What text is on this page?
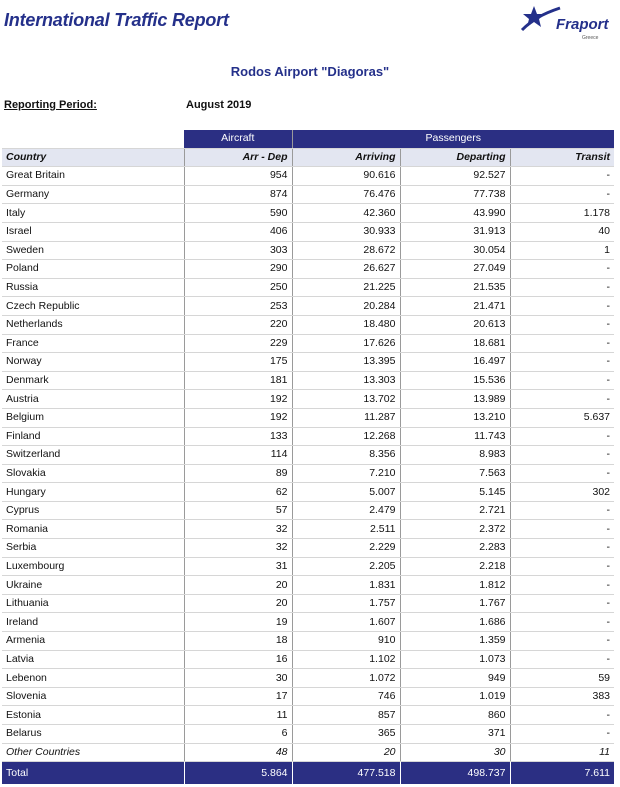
International Traffic Report	Fraport
Greece
Rodos Airport "Diagoras"
Reporting Period:	August 2019
	Aircraft	Passengers		
Country	Arr - Dep	Arriving	Departing	Transit
Great Britain	954	90.616	92.527	-
Germany	874	76.476	77.738	-
Italy	590	42.360	43.990	1.178
Israel	406	30.933	31.913	40
Sweden	303	28.672	30.054	1
Poland	290	26.627	27.049	-
Russia	250	21.225	21.535	-
Czech Republic	253	20.284	21.471	-
Netherlands	220	18.480	20.613	-
France	229	17.626	18.681	-
Norway	175	13.395	16.497	-
Denmark	181	13.303	15.536	-
Austria	192	13.702	13.989	-
Belgium	192	11.287	13.210	5.637
Finland	133	12.268	11.743	-
Switzerland	114	8.356	8.983	-
Slovakia	89	7.210	7.563	-
Hungary	62	5.007	5.145	302
Cyprus	57	2.479	2.721	-
Romania	32	2.511	2.372	-
Serbia	32	2.229	2.283	-
Luxembourg	31	2.205	2.218	-
Ukraine	20	1.831	1.812	-
Lithuania	20	1.757	1.767	-
Ireland	19	1.607	1.686	-
Armenia	18	910	1.359	-
Latvia	16	1.102	1.073	-
Lebenon	30	1.072	949	59
Slovenia	17	746	1.019	383
Estonia	11	857	860	-
Belarus	6	365	371	-
Other Countries	48	20	30	11
Total	5.864	477.518	498.737	7.611
